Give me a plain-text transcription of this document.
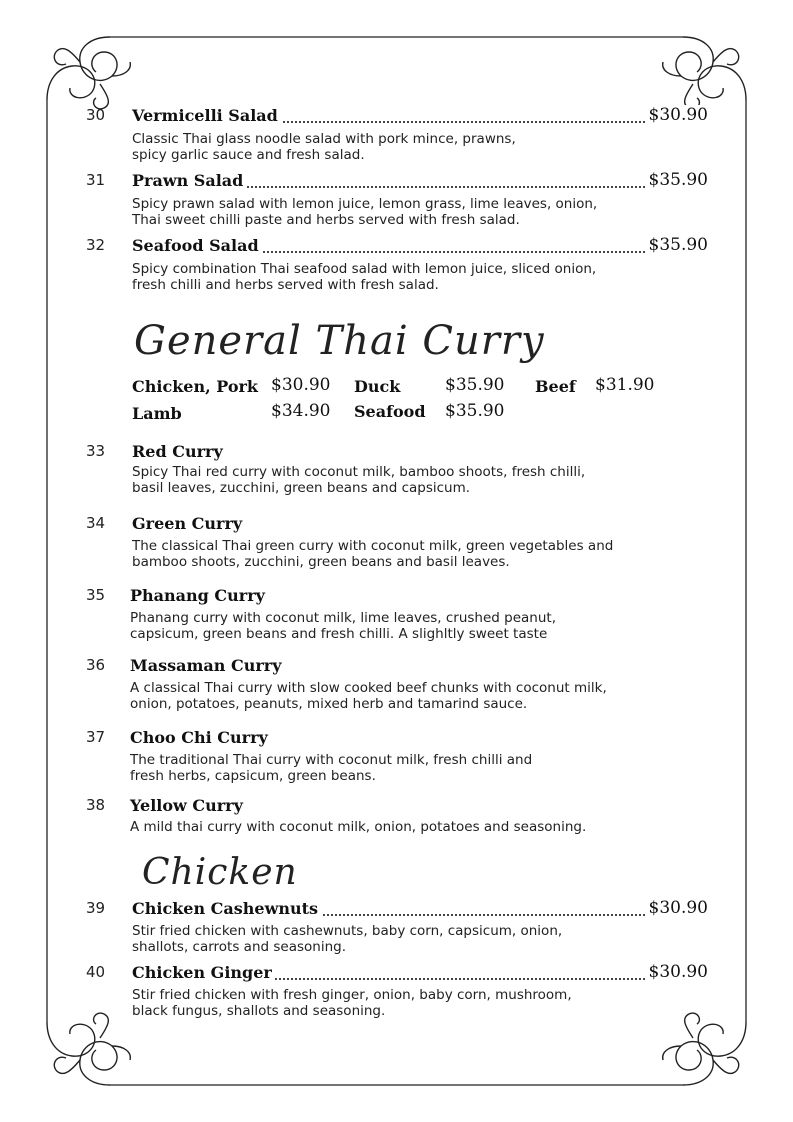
30 Vermicelli Salad	$30.90
Classic Thai glass noodle salad with pork mince, prawns,
spicy garlic sauce and fresh salad.
31 Prawn Salad	$35.90
Spicy prawn salad with lemon juice, lemon grass, lime leaves, onion,
Thai sweet chilli paste and herbs served with fresh salad.
32 Seafood Salad	$35.90
Spicy combination Thai seafood salad with lemon juice, sliced onion,
fresh chilli and herbs served with fresh salad.
General Thai Curry
Chicken, Pork $30.90 Duck	$35.90 Beef $31.90
Lamb	$34.90 Seafood $35.90
33 Red Curry
Spicy Thai red curry with coconut milk, bamboo shoots, fresh chilli,
basil leaves, zucchini, green beans and capsicum.
34 Green Curry
The classical Thai green curry with coconut milk, green vegetables and
bamboo shoots, zucchini, green beans and basil leaves.
35 Phanang Curry
Phanang curry with coconut milk, lime leaves, crushed peanut,
capsicum, green beans and fresh chilli. A slighltly sweet taste
36 Massaman Curry
A classical Thai curry with slow cooked beef chunks with coconut milk,
onion, potatoes, peanuts, mixed herb and tamarind sauce.
37 Choo Chi Curry
The traditional Thai curry with coconut milk, fresh chilli and
fresh herbs, capsicum, green beans.
38 Yellow Curry
A mild thai curry with coconut milk, onion, potatoes and seasoning.
Chicken
39 Chicken Cashewnuts	$30.90
Stir fried chicken with cashewnuts, baby corn, capsicum, onion,
shallots, carrots and seasoning.
40 Chicken Ginger	$30.90
Stir fried chicken with fresh ginger, onion, baby corn, mushroom,
black fungus, shallots and seasoning.
